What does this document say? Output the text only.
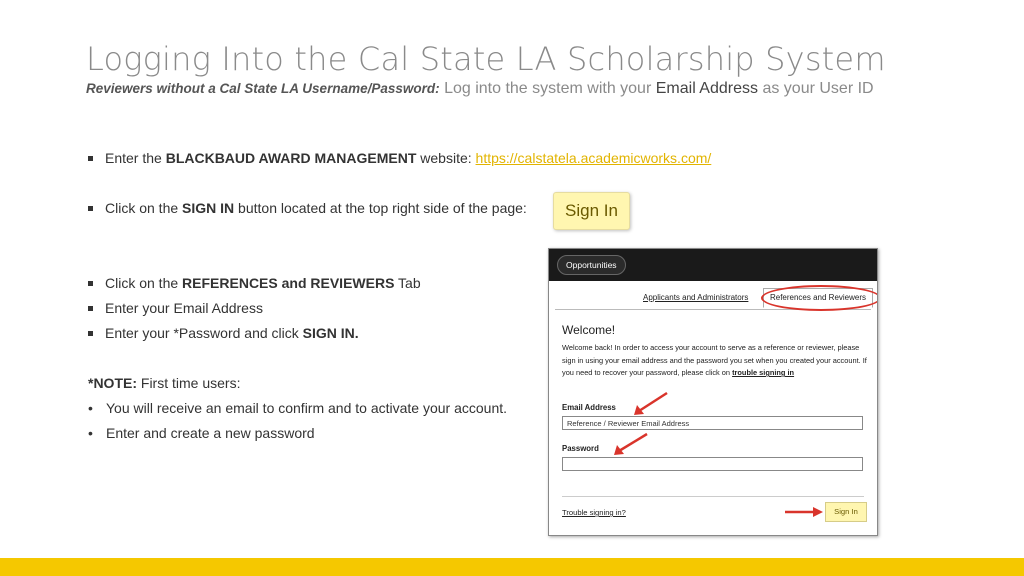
Logging Into the Cal State LA Scholarship System
Reviewers without a Cal State LA Username/Password: Log into the system with your Email Address as your User ID
Enter the BLACKBAUD AWARD MANAGEMENT website: https://calstatela.academicworks.com/
Click on the SIGN IN button located at the top right side of the page:	Sign In
Click on the REFERENCES and REVIEWERS Tab
Enter your Email Address
Enter your *Password and click SIGN IN.
*NOTE: First time users:
• You will receive an email to confirm and to activate your account.
• Enter and create a new password
Opportunities
Applicants and Administrators	References and Reviewers
Welcome!
Welcome back! In order to access your account to serve as a reference or reviewer, please sign in using your email address and the password you set when you created your account. If you need to recover your password, please click on trouble signing in
Email Address
Reference / Reviewer Email Address
Password
Trouble signing in?	Sign In
